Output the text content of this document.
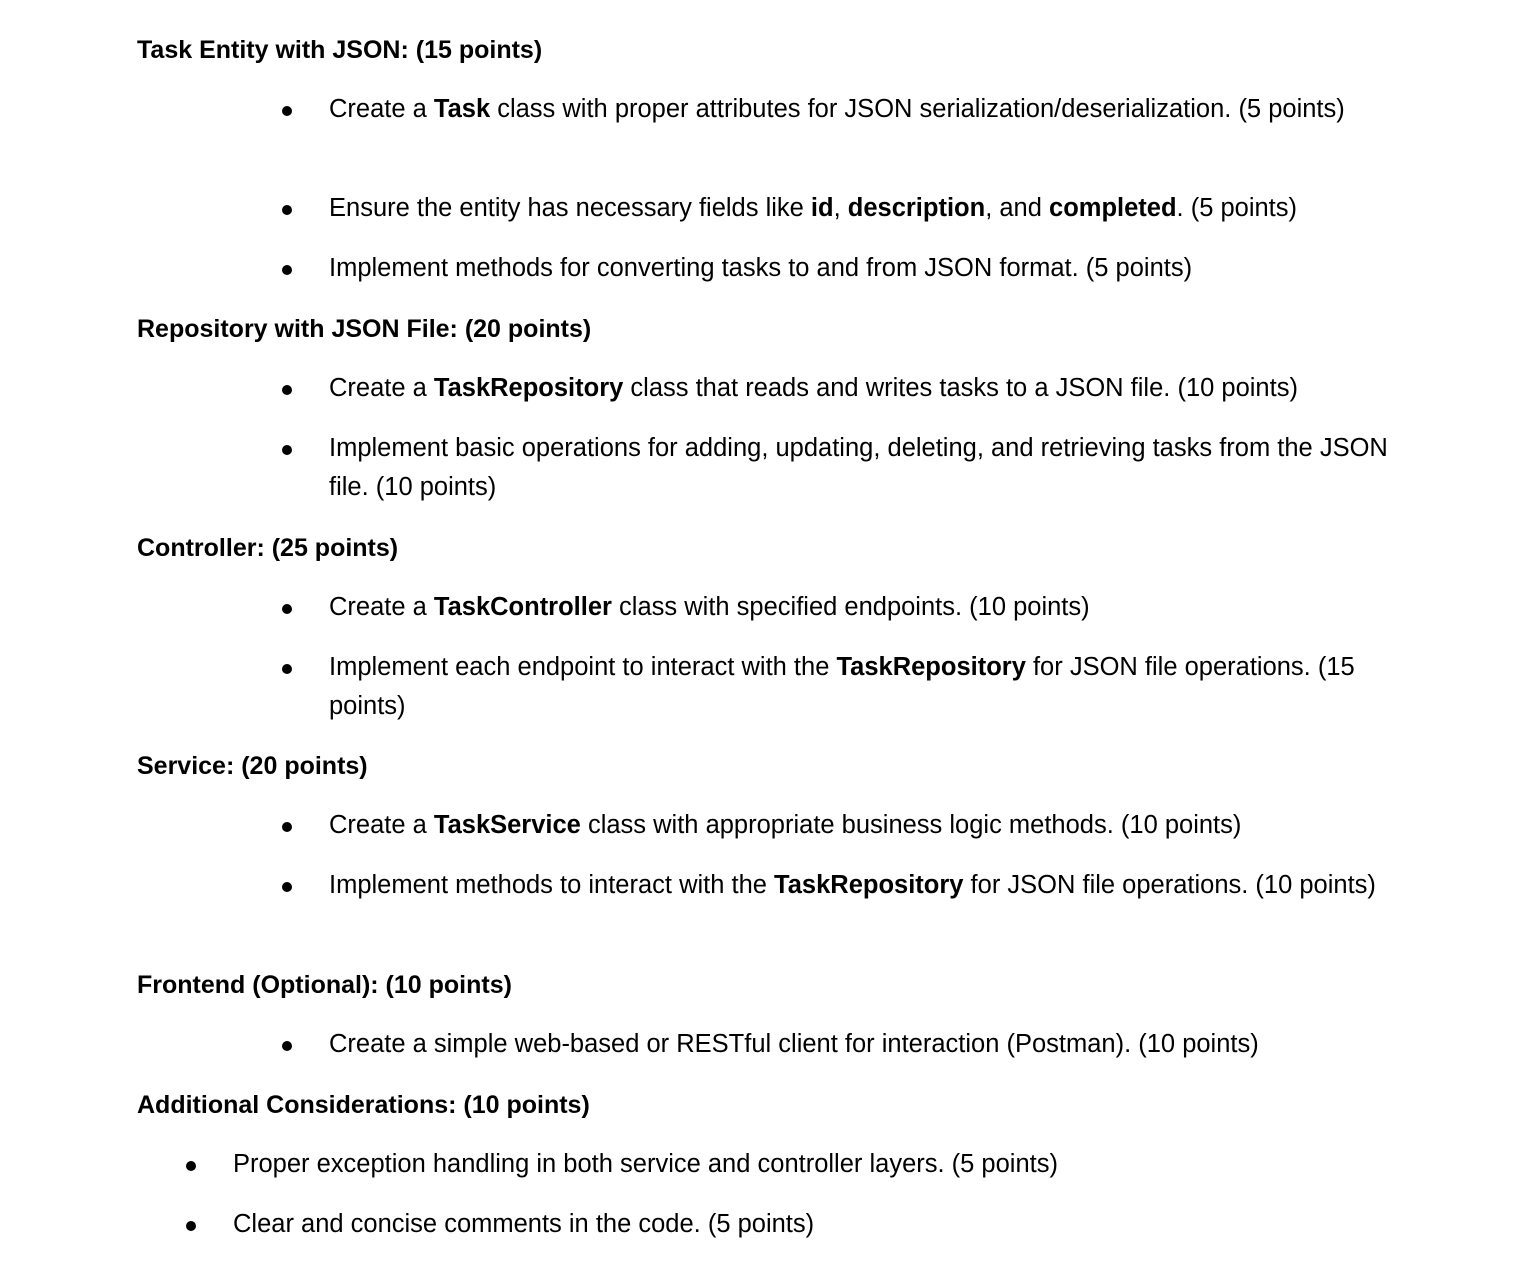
Task Entity with JSON: (15 points)

Create a Task class with proper attributes for JSON serialization/deserialization. (5 points)

Ensure the entity has necessary fields like id, description, and completed. (5 points)

Implement methods for converting tasks to and from JSON format. (5 points)

Repository with JSON File: (20 points)

Create a TaskRepository class that reads and writes tasks to a JSON file. (10 points)

Implement basic operations for adding, updating, deleting, and retrieving tasks from the JSON file. (10 points)

Controller: (25 points)

Create a TaskController class with specified endpoints. (10 points)

Implement each endpoint to interact with the TaskRepository for JSON file operations. (15 points)

Service: (20 points)

Create a TaskService class with appropriate business logic methods. (10 points)

Implement methods to interact with the TaskRepository for JSON file operations. (10 points)

Frontend (Optional): (10 points)

Create a simple web-based or RESTful client for interaction (Postman). (10 points)

Additional Considerations: (10 points)

Proper exception handling in both service and controller layers. (5 points)

Clear and concise comments in the code. (5 points)
